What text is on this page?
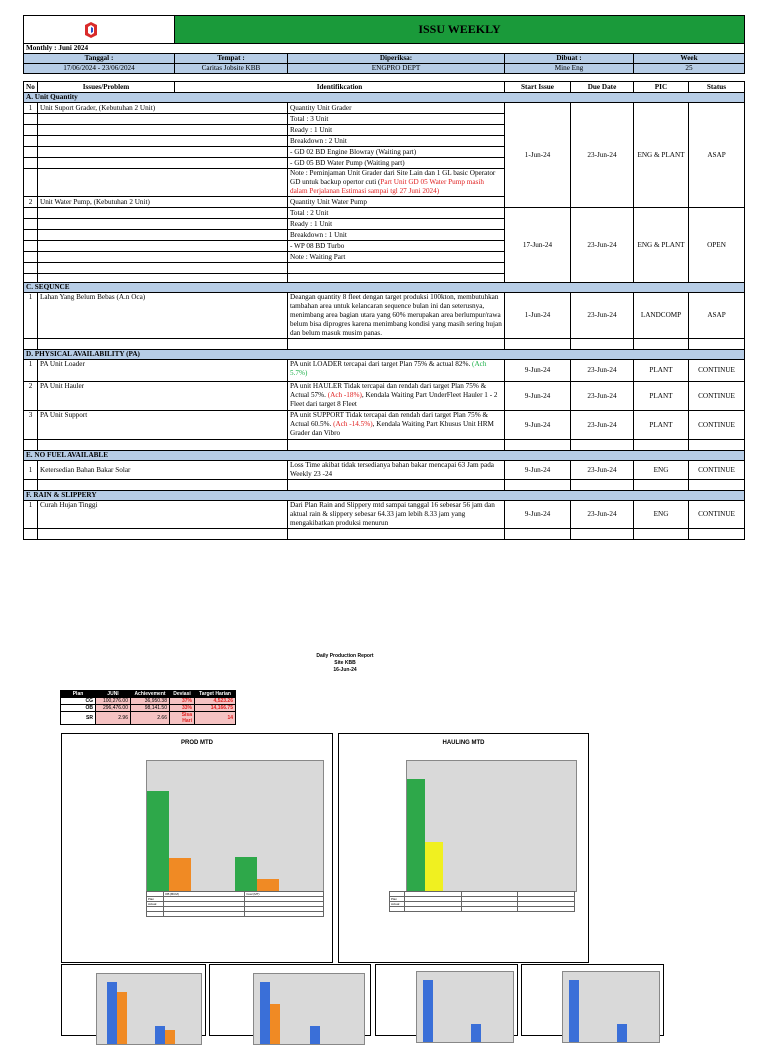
	ISSU WEEKLY					
Monthly : Juni 2024							
Tanggal :		Tempat :	Diperiksa:	Dibuat :		Week	
17/06/2024 - 23/06/2024		Caritas Jobsite KBB	ENGPRO DEPT	Mine Eng		25	

No	Issues/Problem	Identifikcation		Start Issue	Due Date	PIC	Status
A. Unit Quantity							
1	Unit Suport Grader, (Kebutuhan 2 Unit)		Quantity Unit Grader	1-Jun-24	23-Jun-24	ENG & PLANT	ASAP
			Total : 3 Unit				
			Ready : 1 Unit				
			Breakdown : 2 Unit				
			- GD 02 BD Engine Blowray (Waiting part)				
			- GD 05 BD Water Pump (Waiting part)				
			Note : Peminjaman Unit Grader dari Site Lain dan 1 GL basic Operator GD untuk backup opertor cuti (Part Unit GD 05 Water Pump masih dalam Perjalanan Estimasi sampai tgl 27 Juni 2024)				
2	Unit Water Pump, (Kebutuhan 2 Unit)		Quantity Unit Water Pump				
			Total : 2 Unit	17-Jun-24	23-Jun-24	ENG & PLANT	OPEN
			Ready : 1 Unit				
			Breakdown : 1 Unit				
			- WP 08 BD Turbo				
			Note : Waiting Part				

C. SEQUNCE							
1	Lahan Yang Belum Bebas (A.n Oca)		Deangan quantity 8 fleet dengan target produksi 100kton, membutuhkan tambahan area untuk kelancaran sequence bulan ini dan seterusnya, menimbang area bagian utara yang 60% merupakan area berlumpur/rawa belum bisa diprogres karena menimbang kondisi yang masih sering hujan dan belum masuk musim panas.	1-Jun-24	23-Jun-24	LANDCOMP	ASAP

D. PHYSICAL AVAILABILITY (PA)							
1	PA Unit Loader		PA unit LOADER tercapai dari target Plan 75% & actual 82%. (Ach 5.7%)	9-Jun-24	23-Jun-24	PLANT	CONTINUE
2	PA Unit Hauler		PA unit HAULER Tidak tercapai dan rendah dari target Plan 75% & Actual 57%. (Ach -18%), Kendala Waiting Part UnderFleet Hauler 1 - 2 Fleet dari target 8 Fleet	9-Jun-24	23-Jun-24	PLANT	CONTINUE
3	PA Unit Support		PA unit SUPPORT Tidak tercapai dan rendah dari target Plan 75% & Actual 60.5%. (Ach -14.5%), Kendala Waiting Part Khusus Unit HRM Grader dan Vibro	9-Jun-24	23-Jun-24	PLANT	CONTINUE

E. NO FUEL AVAILABLE							
1	Ketersedian Bahan Bakar Solar		Loss Time akibat tidak tersedianya bahan bakar mencapai 63 Jam pada Weekly 23 -24	9-Jun-24	23-Jun-24	ENG	CONTINUE

F. RAIN & SLIPPERY							
1	Curah Hujan Tinggi		Dari Plan Rain and Slippery mtd sampai tanggal 16 sebesar 56 jam dan aktual rain & slippery sebesar 64.33 jam lebih 8.33 jam yang mengakibatkan produksi menurun	9-Jun-24	23-Jun-24	ENG	CONTINUE

Daily Production Report
Site KBB
16-Jun-24
Plan	JUNI	Achievement	Deviasi	Target Harian
CG	100,276.00	36,950.38	37%	4,523.26
OB	296,476.00	98,141.50	33%	14,166.75
SR	2.96	2.66	Sisa Hari	14
PROD MTD
	OB (BCM)	Coal (MT)
Plan		
Actual		

HAULING MTD

Plan			
Actual			
